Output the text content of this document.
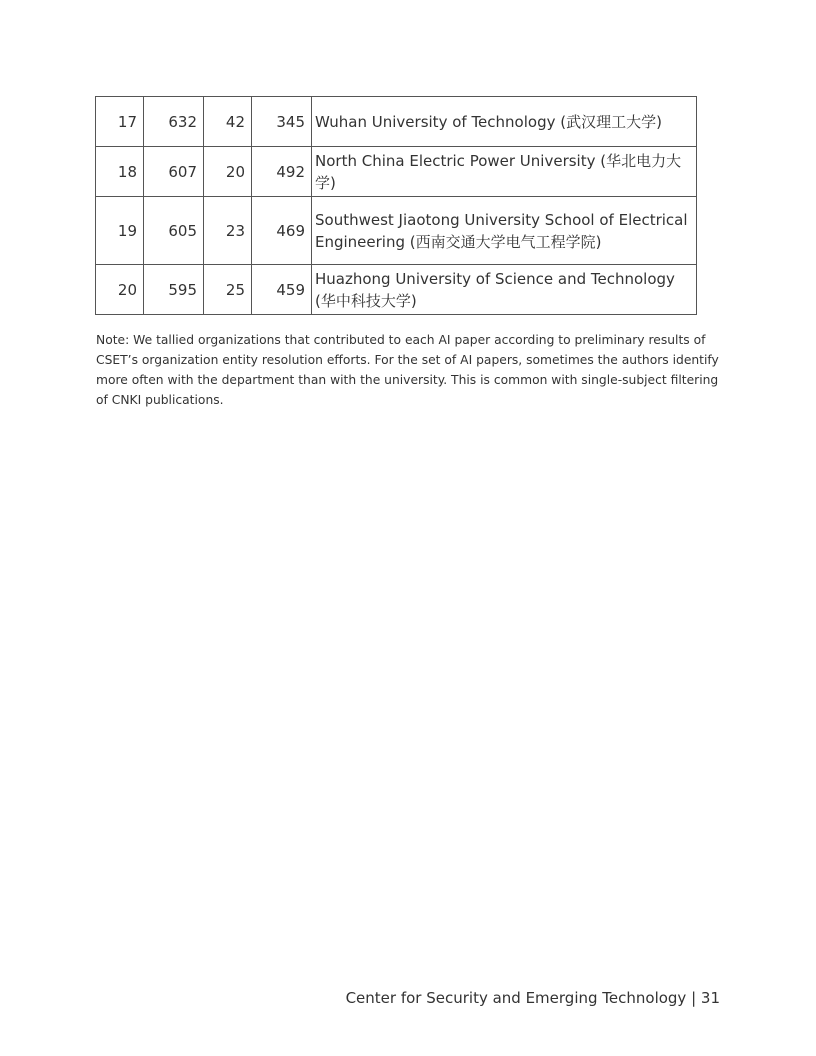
17	632	42	345	Wuhan University of Technology (武汉理工大学)
18	607	20	492	North China Electric Power University (华北电力大学)
19	605	23	469	Southwest Jiaotong University School of Electrical Engineering (西南交通大学电气工程学院)
20	595	25	459	Huazhong University of Science and Technology (华中科技大学)

Note: We tallied organizations that contributed to each AI paper according to preliminary results of CSET’s organization entity resolution efforts. For the set of AI papers, sometimes the authors identify more often with the department than with the university. This is common with single-subject filtering of CNKI publications.

Center for Security and Emerging Technology | 31
